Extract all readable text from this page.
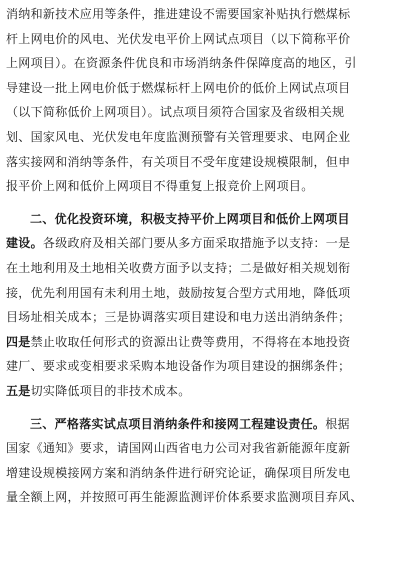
消纳和新技术应用等条件，推进建设不需要国家补贴执行燃煤标

杆上网电价的风电、光伏发电平价上网试点项目（以下简称平价

上网项目）。在资源条件优良和市场消纳条件保障度高的地区，引

导建设一批上网电价低于燃煤标杆上网电价的低价上网试点项目

（以下简称低价上网项目）。试点项目须符合国家及省级相关规

划、国家风电、光伏发电年度监测预警有关管理要求、电网企业

落实接网和消纳等条件，有关项目不受年度建设规模限制，但申

报平价上网和低价上网项目不得重复上报竞价上网项目。

二、优化投资环境，积极支持平价上网项目和低价上网项目

建设。各级政府及相关部门要从多方面采取措施予以支持：一是

在土地利用及土地相关收费方面予以支持；二是做好相关规划衔

接，优先利用国有未利用土地，鼓励按复合型方式用地，降低项

目场址相关成本；三是协调落实项目建设和电力送出消纳条件；

四是禁止收取任何形式的资源出让费等费用，不得将在本地投资

建厂、要求或变相要求采购本地设备作为项目建设的捆绑条件；

五是切实降低项目的非技术成本。

三、严格落实试点项目消纳条件和接网工程建设责任。根据

国家《通知》要求，请国网山西省电力公司对我省新能源年度新

增建设规模接网方案和消纳条件进行研究论证，确保项目所发电

量全额上网，并按照可再生能源监测评价体系要求监测项目弃风、
